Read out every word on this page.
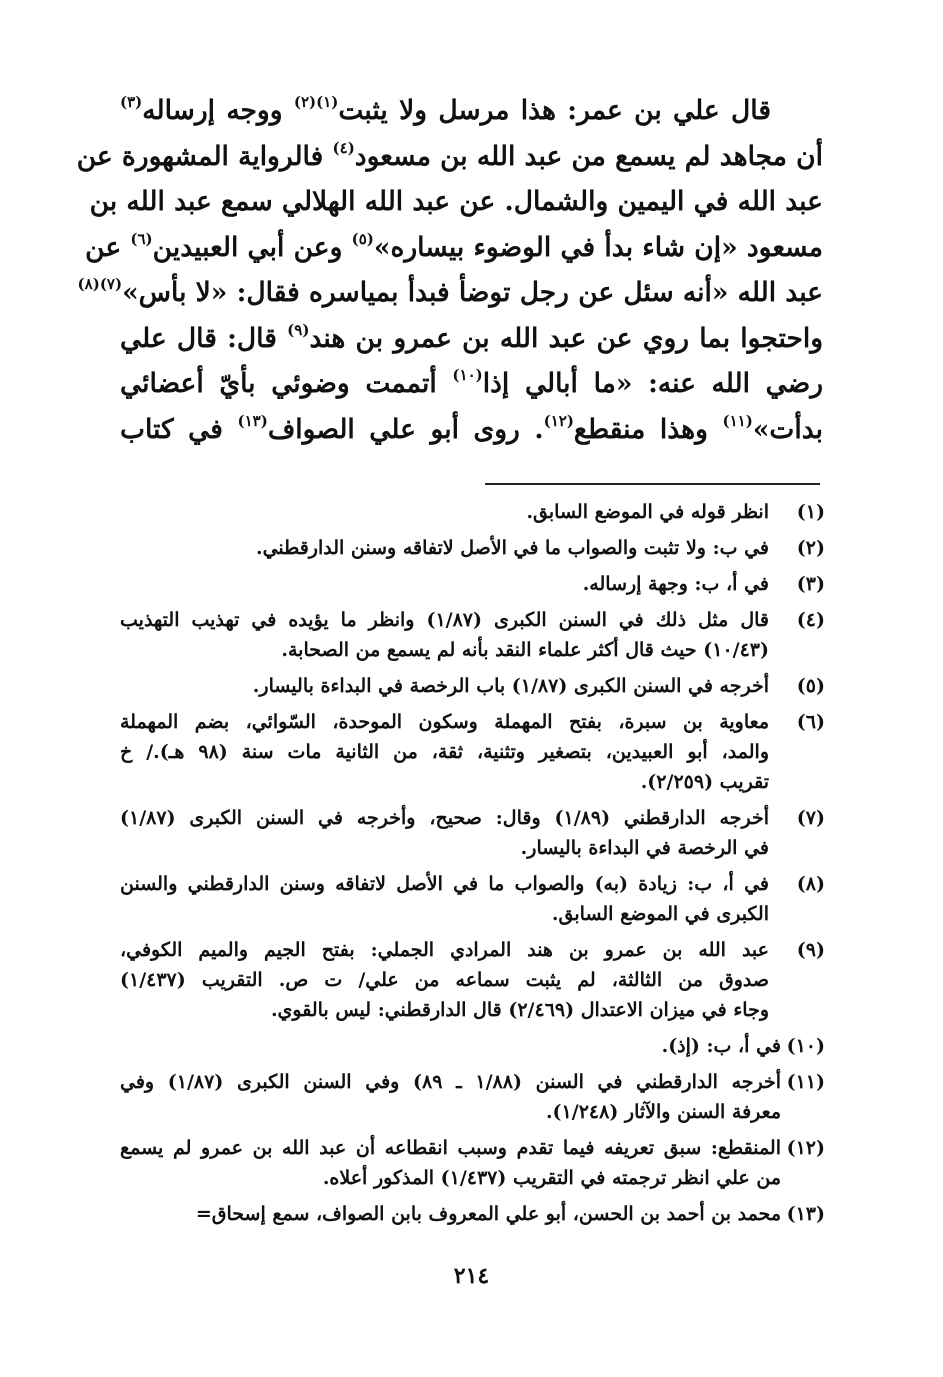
قال علي بن عمر: هذا مرسل ولا يثبت$^{(١)(٢)}$ ووجه إرساله$^{(٣)}$
أن مجاهد لم يسمع من عبد الله بن مسعود$^{(٤)}$ فالرواية المشهورة عن
عبد الله في اليمين والشمال. عن عبد الله الهلالي سمع عبد الله بن
مسعود «إن شاء بدأ في الوضوء بيساره»$^{(٥)}$ وعن أبي العبيدين$^{(٦)}$ عن
عبد الله «أنه سئل عن رجل توضأ فبدأ بمياسره فقال: «لا بأس»$^{(٧)(٨)}$
واحتجوا بما روي عن عبد الله بن عمرو بن هند$^{(٩)}$ قال: قال علي
رضي الله عنه: «ما أبالي إذا$^{(١٠)}$ أتممت وضوئي بأيّ أعضائي
بدأت»$^{(١١)}$ وهذا منقطع$^{(١٢)}$. روى أبو علي الصواف$^{(١٣)}$ في كتاب
(١)
انظر قوله في الموضع السابق.
(٢)
في ب: ولا تثبت والصواب ما في الأصل لاتفاقه وسنن الدارقطني.
(٣)
في أ، ب: وجهة إرساله.
(٤)
قال مثل ذلك في السنن الكبرى (١/٨٧) وانظر ما يؤيده في تهذيب التهذيب
(١٠/٤٣) حيث قال أكثر علماء النقد بأنه لم يسمع من الصحابة.
(٥)
أخرجه في السنن الكبرى (١/٨٧) باب الرخصة في البداءة باليسار.
(٦)
معاوية بن سبرة، بفتح المهملة وسكون الموحدة، السّوائي، بضم المهملة
والمد، أبو العبيدين، بتصغير وتثنية، ثقة، من الثانية مات سنة (٩٨ هـ)./ خ
تقريب (٢/٢٥٩).
(٧)
أخرجه الدارقطني (١/٨٩) وقال: صحيح، وأخرجه في السنن الكبرى (١/٨٧)
في الرخصة في البداءة باليسار.
(٨)
في أ، ب: زيادة (به) والصواب ما في الأصل لاتفاقه وسنن الدارقطني والسنن
الكبرى في الموضع السابق.
(٩)
عبد الله بن عمرو بن هند المرادي الجملي: بفتح الجيم والميم الكوفي،
صدوق من الثالثة، لم يثبت سماعه من علي/ ت ص. التقريب (١/٤٣٧)
وجاء في ميزان الاعتدال (٢/٤٦٩) قال الدارقطني: ليس بالقوي.
(١٠)
في أ، ب: (إذ).
(١١)
أخرجه الدارقطني في السنن (١/٨٨ ـ ٨٩) وفي السنن الكبرى (١/٨٧) وفي
معرفة السنن والآثار (١/٢٤٨).
(١٢)
المنقطع: سبق تعريفه فيما تقدم وسبب انقطاعه أن عبد الله بن عمرو لم يسمع
من علي انظر ترجمته في التقريب (١/٤٣٧) المذكور أعلاه.
(١٣)
محمد بن أحمد بن الحسن، أبو علي المعروف بابن الصواف، سمع إسحاق=
٢١٤
